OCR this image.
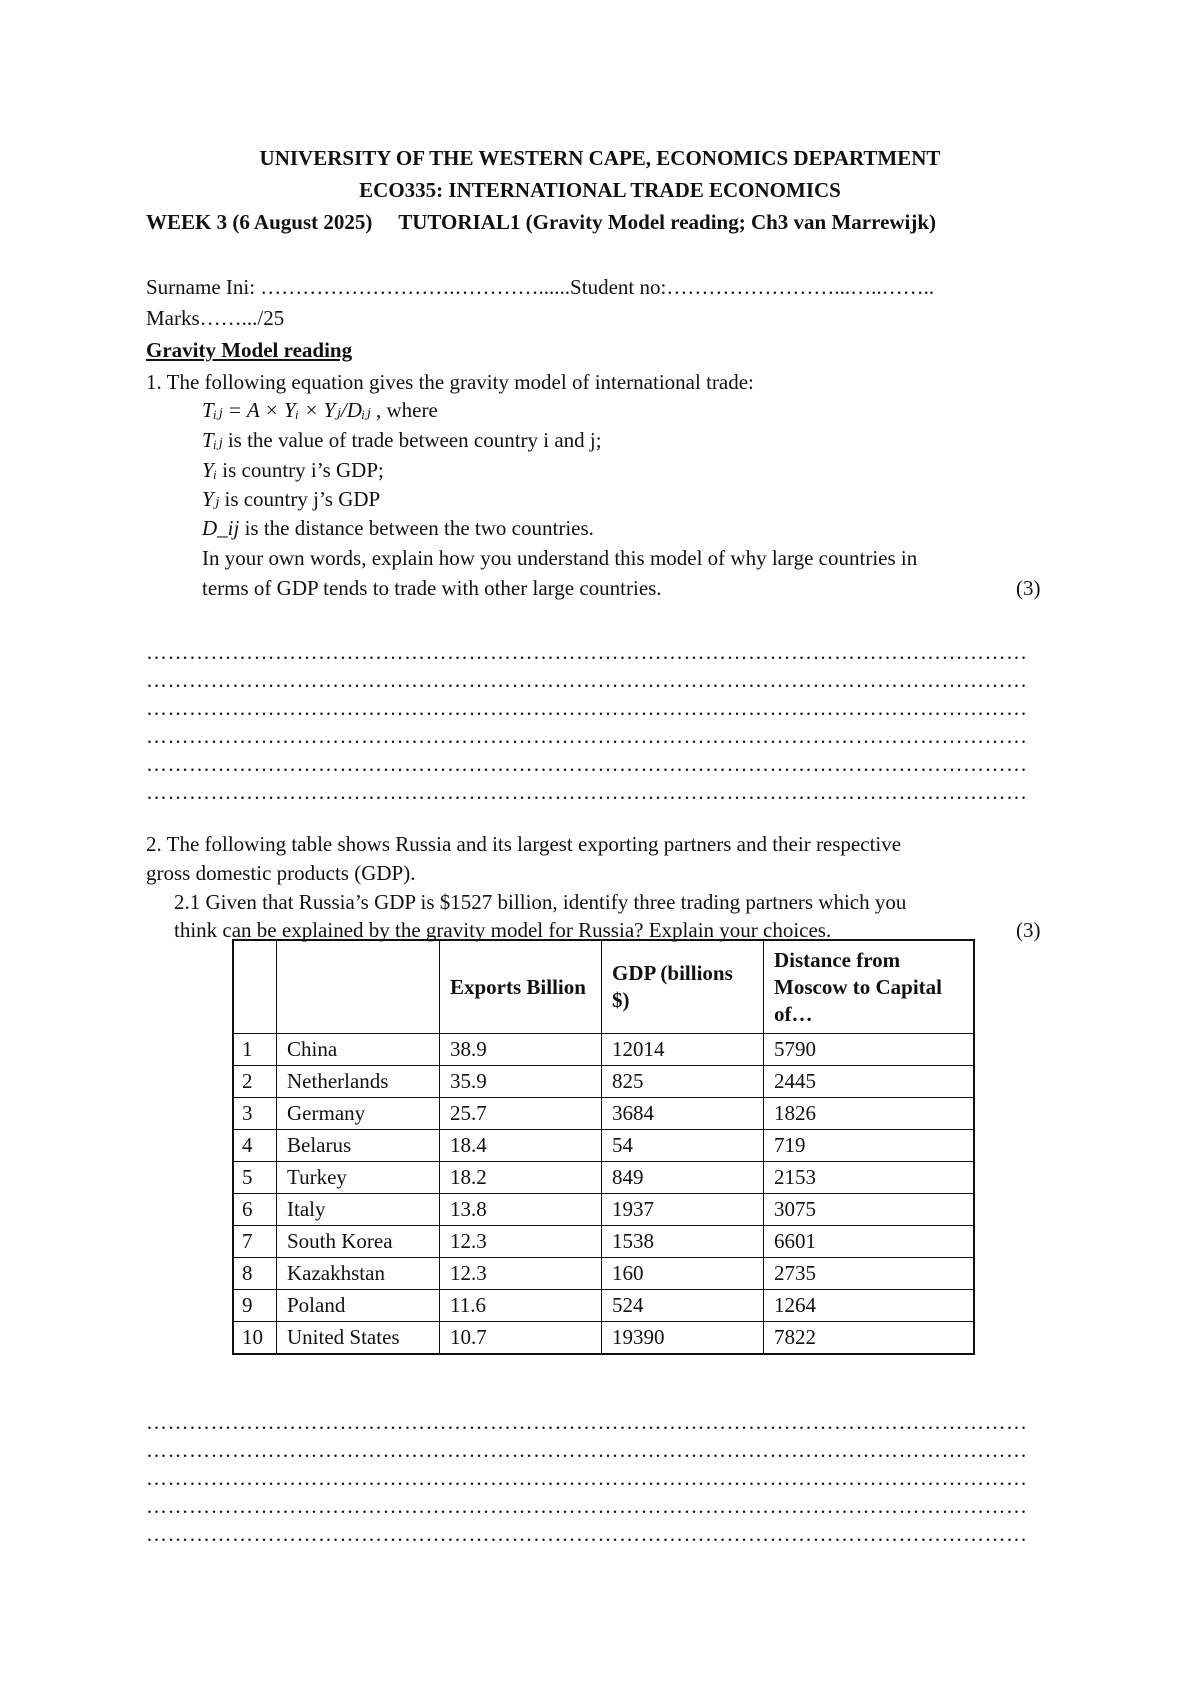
UNIVERSITY OF THE WESTERN CAPE, ECONOMICS DEPARTMENT
ECO335: INTERNATIONAL TRADE ECONOMICS
WEEK 3 (6 August 2025)     TUTORIAL1 (Gravity Model reading; Ch3 van Marrewijk)
Surname Ini: ……………………….…………......Student no:……………………...…..……..
Marks…….../25
Gravity Model reading
1. The following equation gives the gravity model of international trade:
Tᵢⱼ = A × Yᵢ × Yⱼ/Dᵢⱼ , where
Tᵢⱼ is the value of trade between country i and j;
Yᵢ is country i’s GDP;
Yⱼ is country j’s GDP
D_ij is the distance between the two countries.
In your own words, explain how you understand this model of why large countries in
terms of GDP tends to trade with other large countries.	(3)
……………………………………………………………………………………………………………
……………………………………………………………………………………………………………
……………………………………………………………………………………………………………
……………………………………………………………………………………………………………
……………………………………………………………………………………………………………
……………………………………………………………………………………………………………
2. The following table shows Russia and its largest exporting partners and their respective
gross domestic products (GDP).
2.1 Given that Russia’s GDP is $1527 billion, identify three trading partners which you
think can be explained by the gravity model for Russia? Explain your choices.	(3)
		Exports Billion	GDP (billions $)	Distance from Moscow to Capital of…
1	China	38.9	12014	5790
2	Netherlands	35.9	825	2445
3	Germany	25.7	3684	1826
4	Belarus	18.4	54	719
5	Turkey	18.2	849	2153
6	Italy	13.8	1937	3075
7	South Korea	12.3	1538	6601
8	Kazakhstan	12.3	160	2735
9	Poland	11.6	524	1264
10	United States	10.7	19390	7822
……………………………………………………………………………………………………………
……………………………………………………………………………………………………………
……………………………………………………………………………………………………………
……………………………………………………………………………………………………………
……………………………………………………………………………………………………………
